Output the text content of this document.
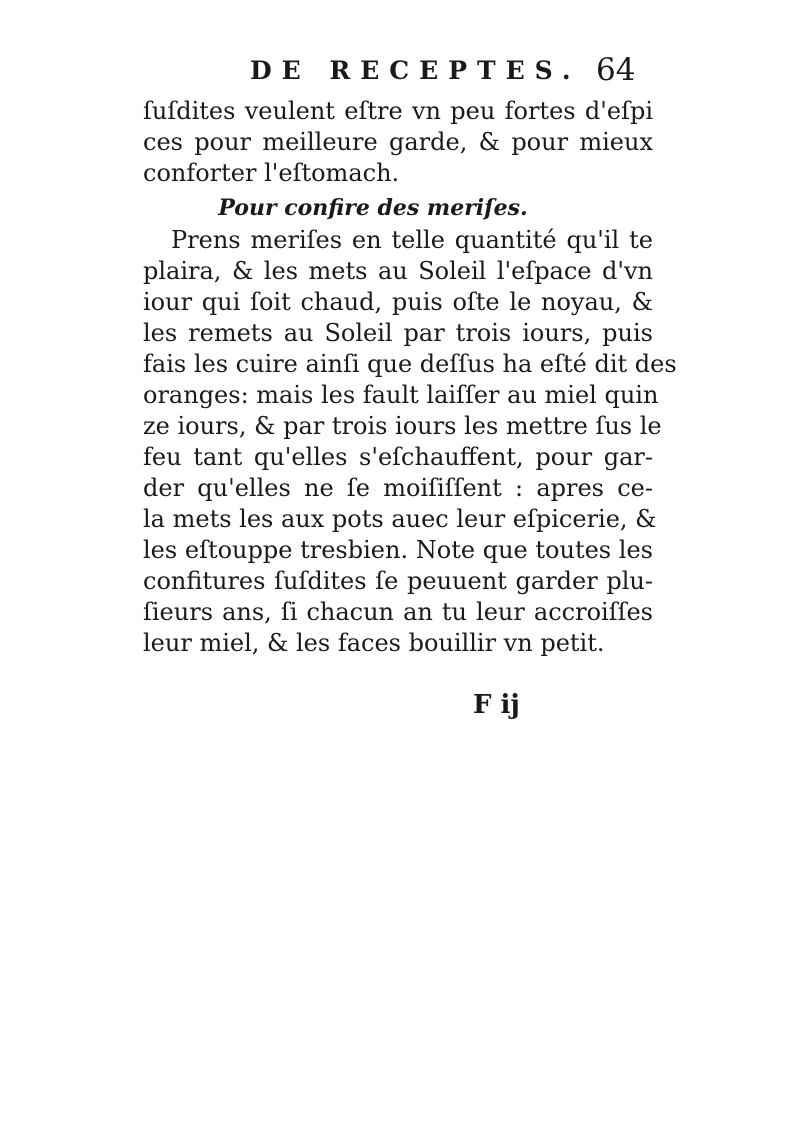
DE RECEPTES. 64
ſuſdites veulent eſtre vn peu fortes d'eſpi
ces pour meilleure garde, & pour mieux
conforter l'eſtomach.
Pour confire des meriſes.
Prens meriſes en telle quantité qu'il te
plaira, & les mets au Soleil l'eſpace d'vn
iour qui ſoit chaud, puis oſte le noyau, &
les remets au Soleil par trois iours, puis
fais les cuire ainſi que deſſus ha eſté dit des
oranges: mais les fault laiſſer au miel quin
ze iours, & par trois iours les mettre ſus le
feu tant qu'elles s'eſchauffent, pour gar-
der qu'elles ne ſe moiſiſſent : apres ce-
la mets les aux pots auec leur eſpicerie, &
les eſtouppe tresbien. Note que toutes les
confitures ſuſdites ſe peuuent garder plu-
ſieurs ans, ſi chacun an tu leur accroiſſes
leur miel, & les faces bouillir vn petit.
F ij
